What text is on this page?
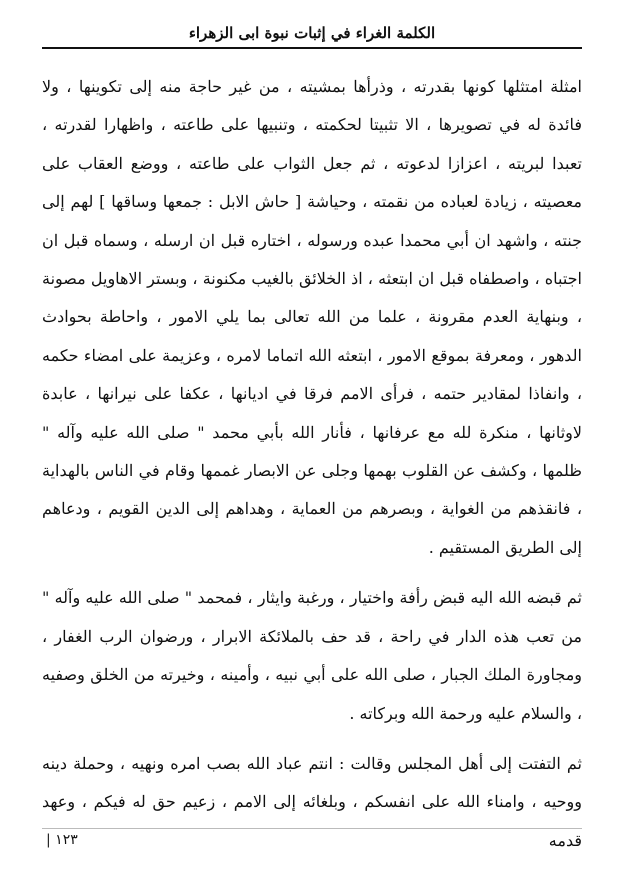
الكلمة الغراء في إثبات نبوة ابى الزهراء

امثلة امتثلها كونها بقدرته ، وذرأها بمشيته ، من غير حاجة منه إلى تكوينها ، ولا فائدة له في تصويرها ، الا تثبيتا لحكمته ، وتنبيها على طاعته ، واظهارا لقدرته ، تعبدا لبريته ، اعزازا لدعوته ، ثم جعل الثواب على طاعته ، ووضع العقاب على معصيته ، زيادة لعباده من نقمته ، وحياشة [ حاش الابل : جمعها وساقها ] لهم إلى جنته ، واشهد ان أبي محمدا عبده ورسوله ، اختاره قبل ان ارسله ، وسماه قبل ان اجتباه ، واصطفاه قبل ان ابتعثه ، اذ الخلائق بالغيب مكنونة ، وبستر الاهاويل مصونة ، وبنهاية العدم مقرونة ، علما من الله تعالى بما يلي الامور ، واحاطة بحوادث الدهور ، ومعرفة بموقع الامور ، ابتعثه الله اتماما لامره ، وعزيمة على امضاء حكمه ، وانفاذا لمقادير حتمه ، فرأى الامم فرقا في اديانها ، عكفا على نيرانها ، عابدة لاوثانها ، منكرة لله مع عرفانها ، فأنار الله بأبي محمد " صلى الله عليه وآله " ظلمها ، وكشف عن القلوب بهمها وجلى عن الابصار غممها وقام في الناس بالهداية ، فانقذهم من الغواية ، وبصرهم من العماية ، وهداهم إلى الدين القويم ، ودعاهم إلى الطريق المستقيم .

ثم قبضه الله اليه قبض رأفة واختيار ، ورغبة وايثار ، فمحمد " صلى الله عليه وآله " من تعب هذه الدار في راحة ، قد حف بالملائكة الابرار ، ورضوان الرب الغفار ، ومجاورة الملك الجبار ، صلى الله على أبي نبيه ، وأمينه ، وخيرته من الخلق وصفيه ، والسلام عليه ورحمة الله وبركاته .

ثم التفتت إلى أهل المجلس وقالت : انتم عباد الله بصب امره ونهيه ، وحملة دينه ووحيه ، وامناء الله على انفسكم ، وبلغائه إلى الامم ، زعيم حق له فيكم ، وعهد قدمه

١٢٣ |
